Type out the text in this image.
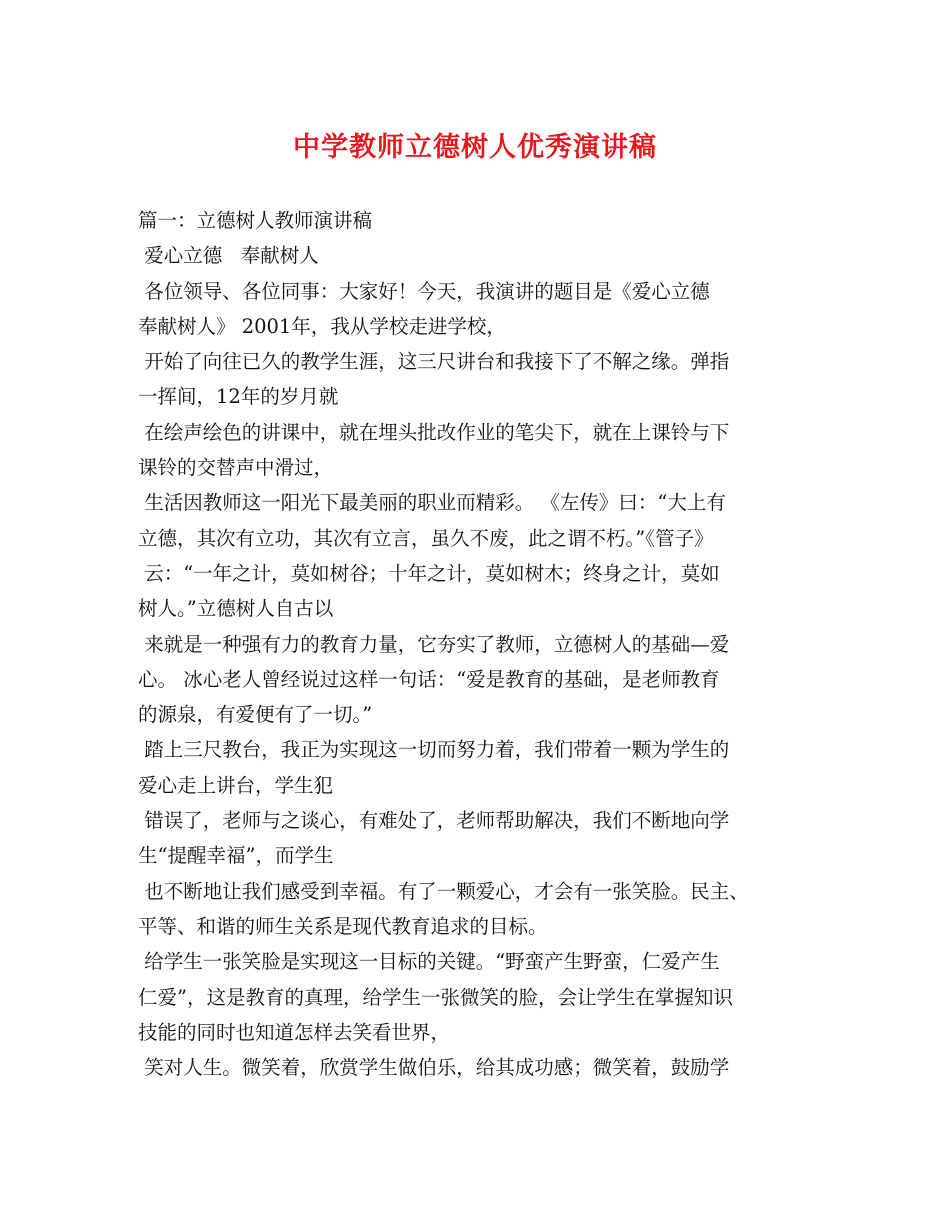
中学教师立德树人优秀演讲稿

篇一：立德树人教师演讲稿

爱心立德   奉献树人

各位领导、各位同事：大家好！今天，我演讲的题目是《爱心立德

奉献树人》 2001年，我从学校走进学校，

开始了向往已久的教学生涯，这三尺讲台和我接下了不解之缘。弹指

一挥间，12年的岁月就

在绘声绘色的讲课中，就在埋头批改作业的笔尖下，就在上课铃与下

课铃的交替声中滑过，

生活因教师这一阳光下最美丽的职业而精彩。 《左传》曰：“大上有

立德，其次有立功，其次有立言，虽久不废，此之谓不朽。”《管子》

云：“一年之计，莫如树谷；十年之计，莫如树木；终身之计，莫如

树人。”立德树人自古以

来就是一种强有力的教育力量，它夯实了教师，立德树人的基础—爱

心。 冰心老人曾经说过这样一句话：“爱是教育的基础，是老师教育

的源泉，有爱便有了一切。”

踏上三尺教台，我正为实现这一切而努力着，我们带着一颗为学生的

爱心走上讲台，学生犯

错误了，老师与之谈心，有难处了，老师帮助解决，我们不断地向学

生“提醒幸福”，而学生

也不断地让我们感受到幸福。有了一颗爱心，才会有一张笑脸。民主、

平等、和谐的师生关系是现代教育追求的目标。

给学生一张笑脸是实现这一目标的关键。“野蛮产生野蛮，仁爱产生

仁爱”，这是教育的真理，给学生一张微笑的脸，会让学生在掌握知识

技能的同时也知道怎样去笑看世界，

笑对人生。微笑着，欣赏学生做伯乐，给其成功感；微笑着，鼓励学
